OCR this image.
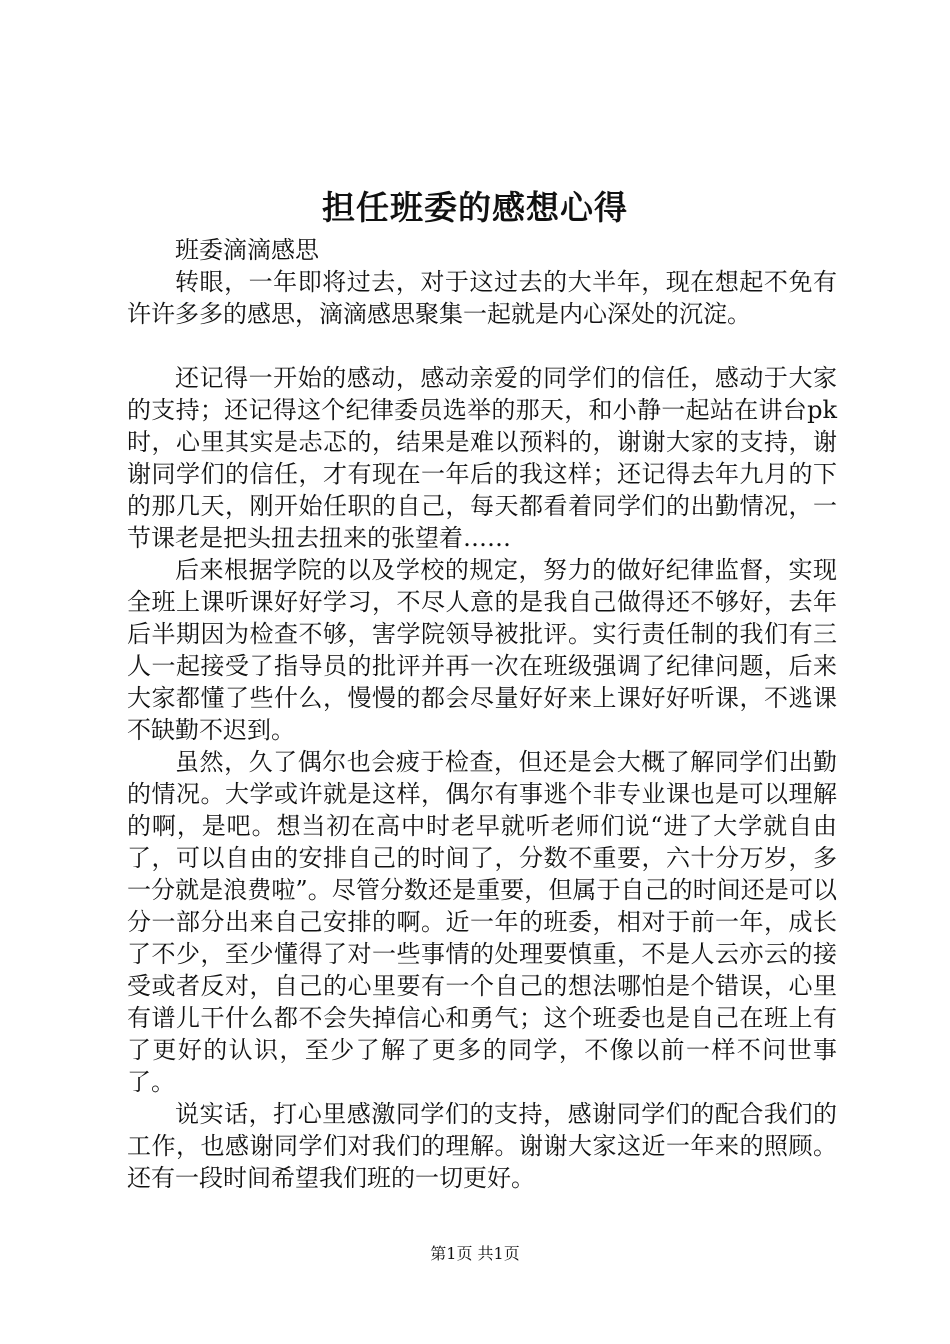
担任班委的感想心得

班委滴滴感思

转眼，一年即将过去，对于这过去的大半年，现在想起不免有许许多多的感思，滴滴感思聚集一起就是内心深处的沉淀。

还记得一开始的感动，感动亲爱的同学们的信任，感动于大家的支持；还记得这个纪律委员选举的那天，和小静一起站在讲台pk时，心里其实是忐忑的，结果是难以预料的，谢谢大家的支持，谢谢同学们的信任，才有现在一年后的我这样；还记得去年九月的下的那几天，刚开始任职的自己，每天都看着同学们的出勤情况，一节课老是把头扭去扭来的张望着……

后来根据学院的以及学校的规定，努力的做好纪律监督，实现全班上课听课好好学习，不尽人意的是我自己做得还不够好，去年后半期因为检查不够，害学院领导被批评。实行责任制的我们有三人一起接受了指导员的批评并再一次在班级强调了纪律问题，后来大家都懂了些什么，慢慢的都会尽量好好来上课好好听课，不逃课不缺勤不迟到。

虽然，久了偶尔也会疲于检查，但还是会大概了解同学们出勤的情况。大学或许就是这样，偶尔有事逃个非专业课也是可以理解的啊，是吧。想当初在高中时老早就听老师们说“进了大学就自由了，可以自由的安排自己的时间了，分数不重要，六十分万岁，多一分就是浪费啦”。尽管分数还是重要，但属于自己的时间还是可以分一部分出来自己安排的啊。近一年的班委，相对于前一年，成长了不少，至少懂得了对一些事情的处理要慎重，不是人云亦云的接受或者反对，自己的心里要有一个自己的想法哪怕是个错误，心里有谱儿干什么都不会失掉信心和勇气；这个班委也是自己在班上有了更好的认识，至少了解了更多的同学，不像以前一样不问世事了。

说实话，打心里感激同学们的支持，感谢同学们的配合我们的工作，也感谢同学们对我们的理解。谢谢大家这近一年来的照顾。还有一段时间希望我们班的一切更好。

第1页 共1页
